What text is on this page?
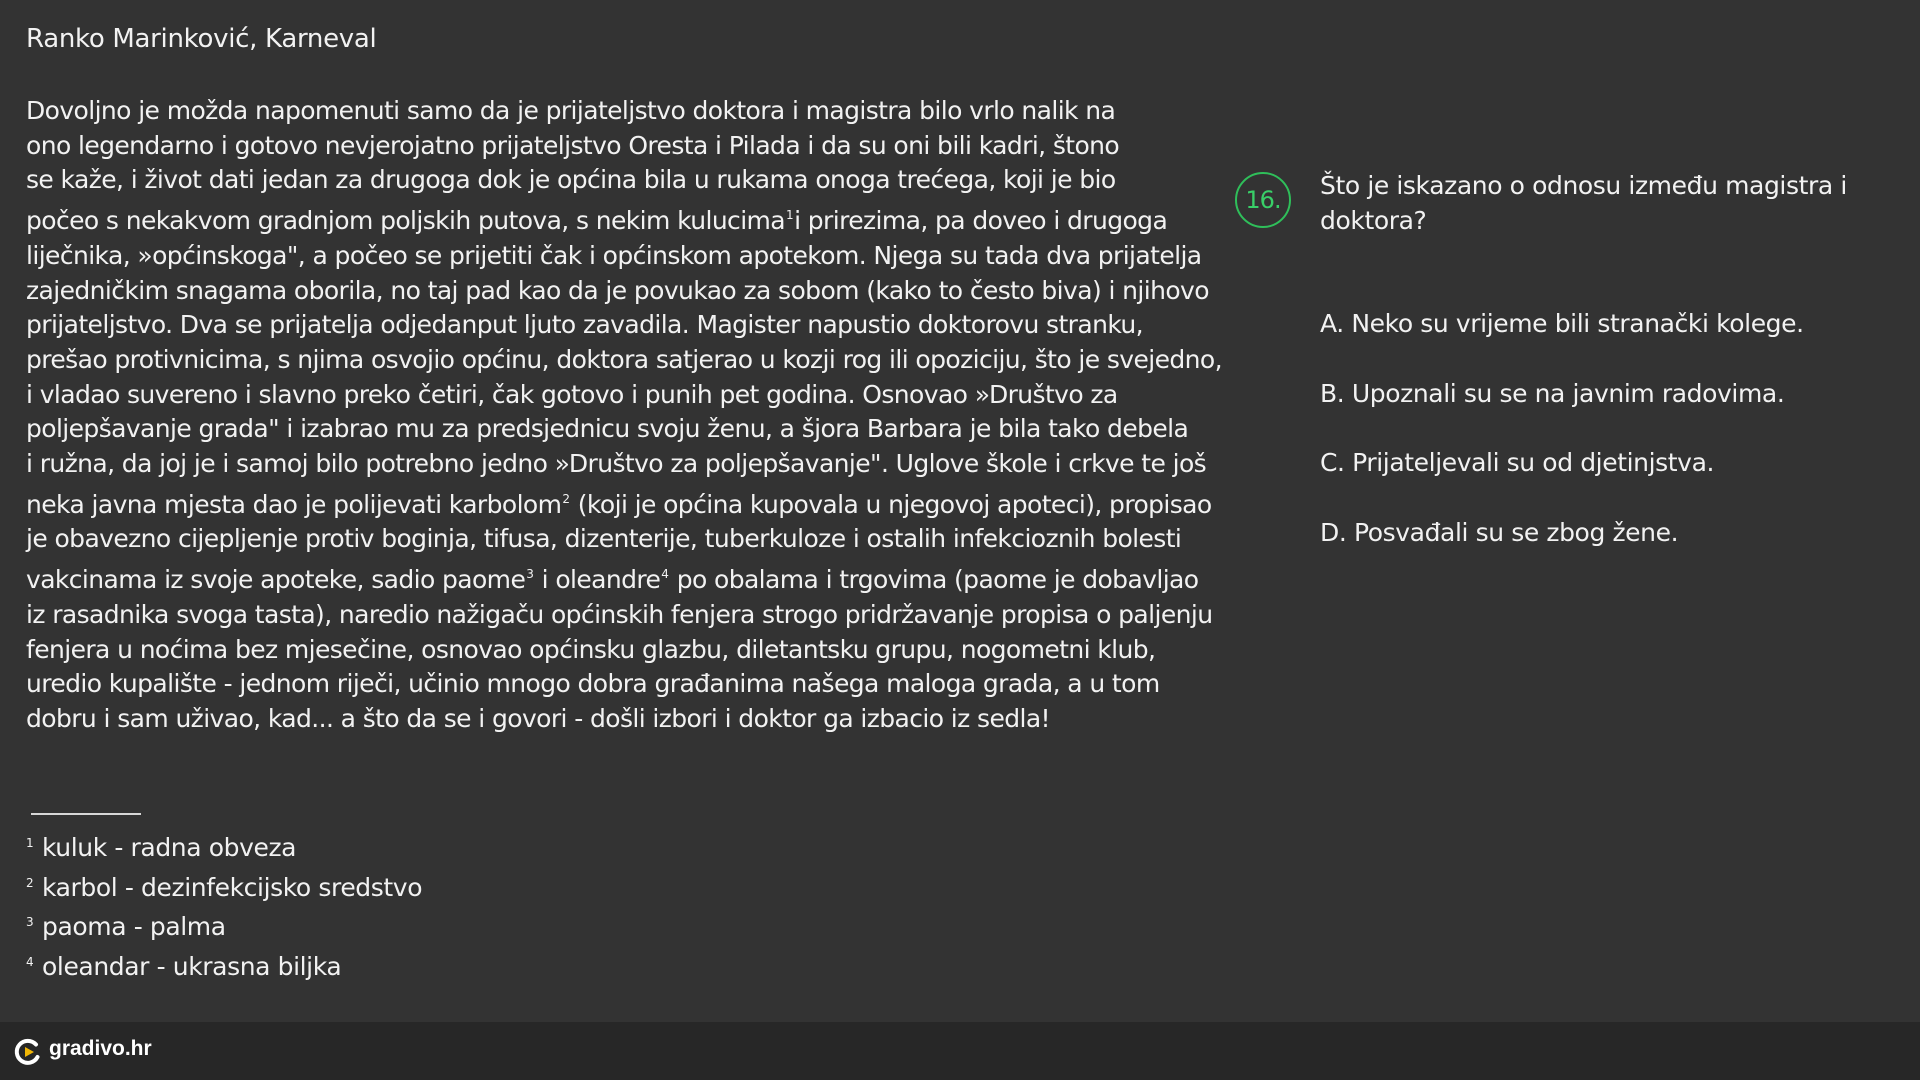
Ranko Marinković, Karneval
Dovoljno je možda napomenuti samo da je prijateljstvo doktora i magistra bilo vrlo nalik na
ono legendarno i gotovo nevjerojatno prijateljstvo Oresta i Pilada i da su oni bili kadri, štono
se kaže, i život dati jedan za drugoga dok je općina bila u rukama onoga trećega, koji je bio
počeo s nekakvom gradnjom poljskih putova, s nekim kulucima$^1$i prirezima, pa doveo i drugoga
liječnika, »općinskoga", a počeo se prijetiti čak i općinskom apotekom. Njega su tada dva prijatelja
zajedničkim snagama oborila, no taj pad kao da je povukao za sobom (kako to često biva) i njihovo
prijateljstvo. Dva se prijatelja odjedanput ljuto zavadila. Magister napustio doktorovu stranku,
prešao protivnicima, s njima osvojio općinu, doktora satjerao u kozji rog ili opoziciju, što je svejedno,
i vladao suvereno i slavno preko četiri, čak gotovo i punih pet godina. Osnovao »Društvo za
poljepšavanje grada" i izabrao mu za predsjednicu svoju ženu, a šjora Barbara je bila tako debela
i ružna, da joj je i samoj bilo potrebno jedno »Društvo za poljepšavanje". Uglove škole i crkve te još
neka javna mjesta dao je polijevati karbolom$^2$ (koji je općina kupovala u njegovoj apoteci), propisao
je obavezno cijepljenje protiv boginja, tifusa, dizenterije, tuberkuloze i ostalih infekcioznih bolesti
vakcinama iz svoje apoteke, sadio paome$^3$ i oleandre$^4$ po obalama i trgovima (paome je dobavljao
iz rasadnika svoga tasta), naredio nažigaču općinskih fenjera strogo pridržavanje propisa o paljenju
fenjera u noćima bez mjesečine, osnovao općinsku glazbu, diletantsku grupu, nogometni klub,
uredio kupalište - jednom riječi, učinio mnogo dobra građanima našega maloga grada, a u tom
dobru i sam uživao, kad... a što da se i govori - došli izbori i doktor ga izbacio iz sedla!
1 kuluk - radna obveza
2 karbol - dezinfekcijsko sredstvo
3 paoma - palma
4 oleandar - ukrasna biljka
16.	Što je iskazano o odnosu između magistra i doktora?
A. Neko su vrijeme bili stranački kolege.
B. Upoznali su se na javnim radovima.
C. Prijateljevali su od djetinjstva.
D. Posvađali su se zbog žene.
gradivo.hr
